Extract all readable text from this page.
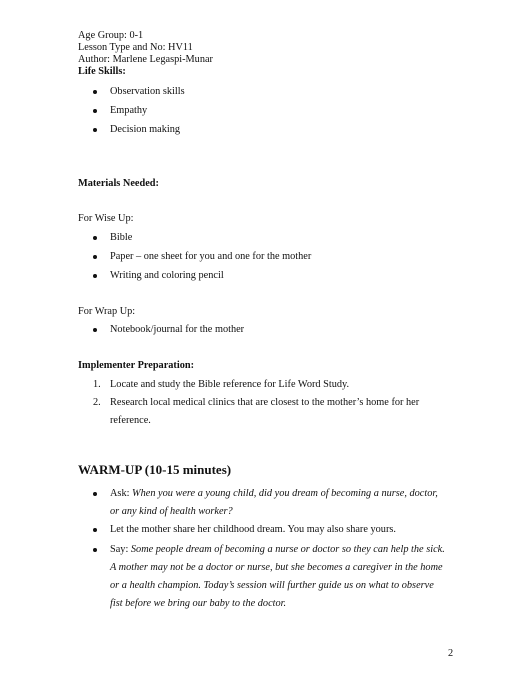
Age Group: 0-1
Lesson Type and No: HV11
Author: Marlene Legaspi-Munar
Life Skills:
Observation skills
Empathy
Decision making
Materials Needed:
For Wise Up:
Bible
Paper – one sheet for you and one for the mother
Writing and coloring pencil
For Wrap Up:
Notebook/journal for the mother
Implementer Preparation:
1. Locate and study the Bible reference for Life Word Study.
2. Research local medical clinics that are closest to the mother’s home for her
reference.
WARM-UP (10-15 minutes)
Ask: When you were a young child, did you dream of becoming a nurse, doctor,
or any kind of health worker?
Let the mother share her childhood dream. You may also share yours.
Say: Some people dream of becoming a nurse or doctor so they can help the sick.
A mother may not be a doctor or nurse, but she becomes a caregiver in the home
or a health champion. Today’s session will further guide us on what to observe
fist before we bring our baby to the doctor.
2
